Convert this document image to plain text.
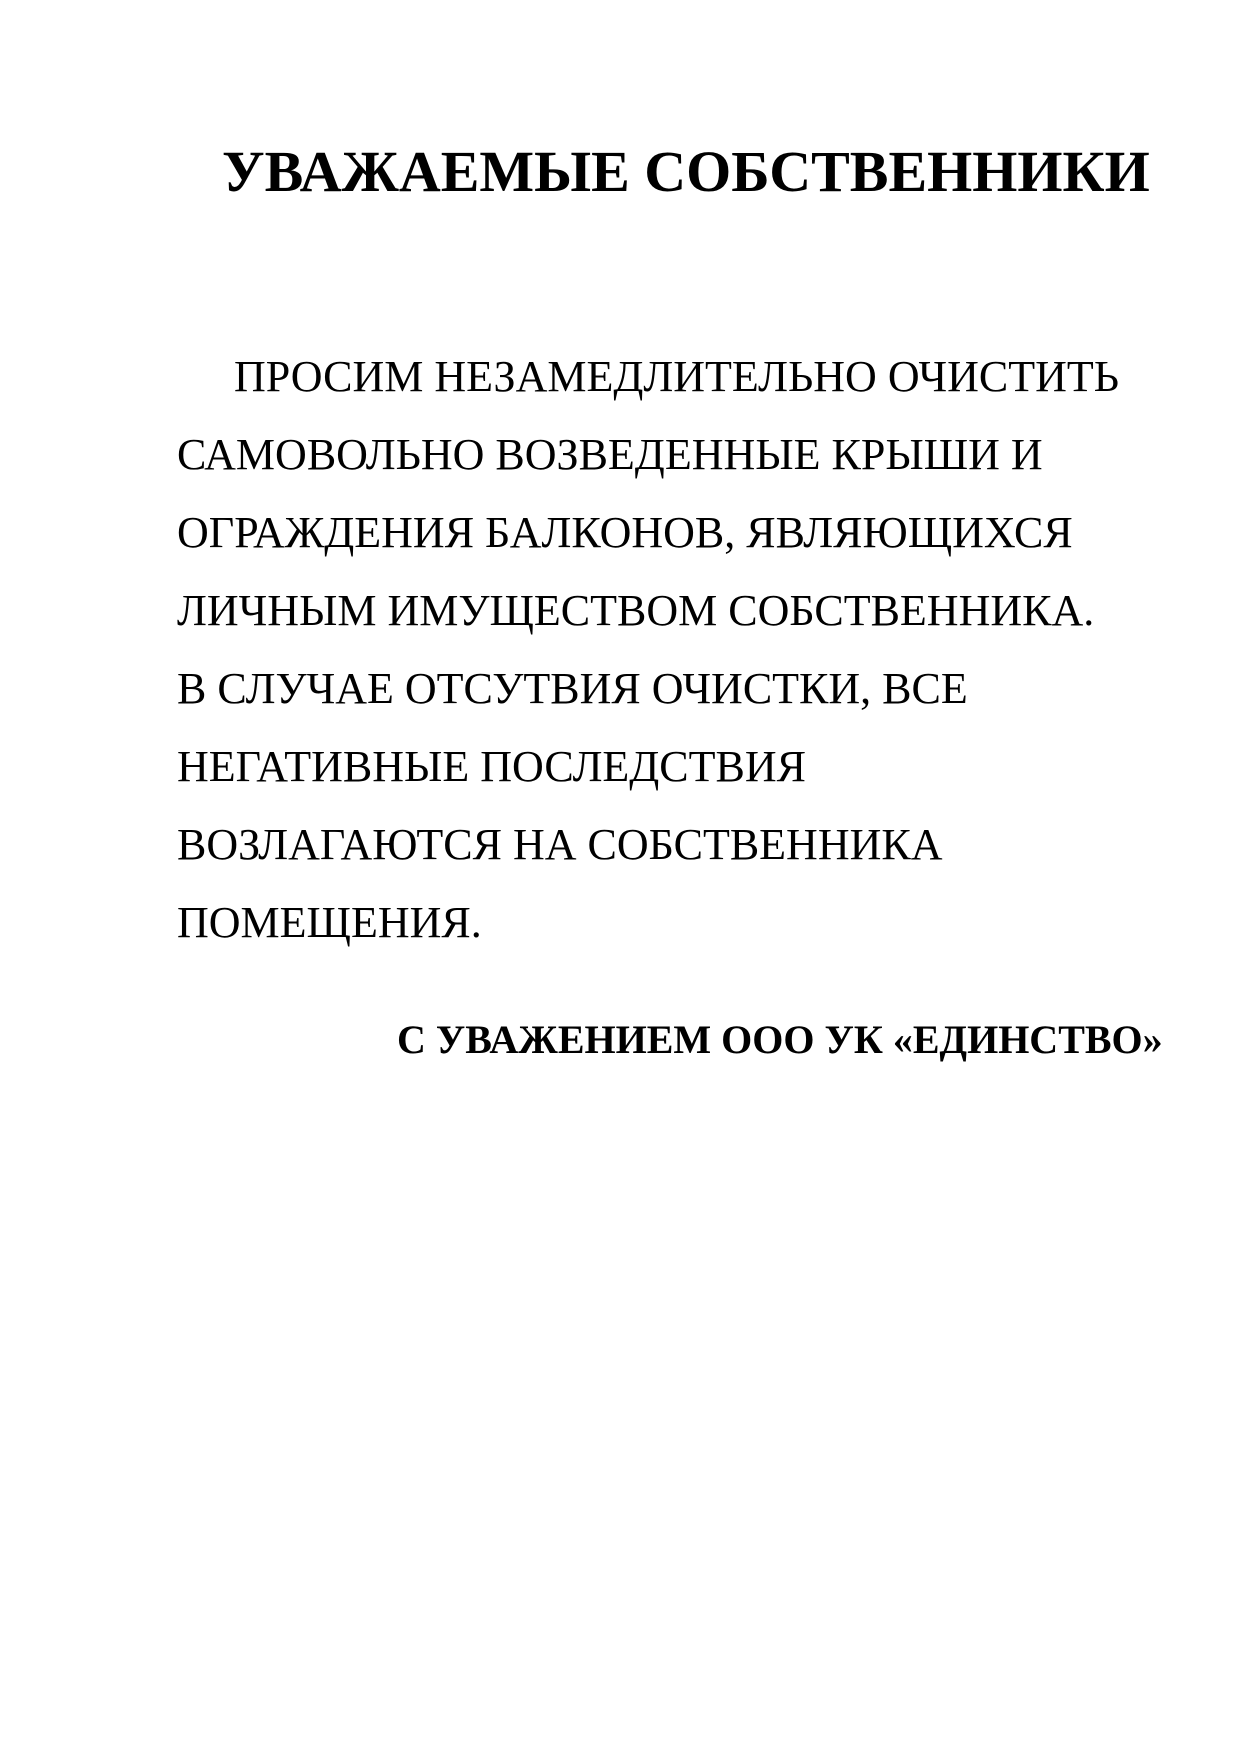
УВАЖАЕМЫЕ СОБСТВЕННИКИ
ПРОСИМ НЕЗАМЕДЛИТЕЛЬНО ОЧИСТИТЬ
САМОВОЛЬНО ВОЗВЕДЕННЫЕ КРЫШИ И
ОГРАЖДЕНИЯ БАЛКОНОВ, ЯВЛЯЮЩИХСЯ
ЛИЧНЫМ ИМУЩЕСТВОМ СОБСТВЕННИКА.
В СЛУЧАЕ ОТСУТВИЯ ОЧИСТКИ, ВСЕ
НЕГАТИВНЫЕ ПОСЛЕДСТВИЯ
ВОЗЛАГАЮТСЯ НА СОБСТВЕННИКА
ПОМЕЩЕНИЯ.
С УВАЖЕНИЕМ ООО УК «ЕДИНСТВО»
